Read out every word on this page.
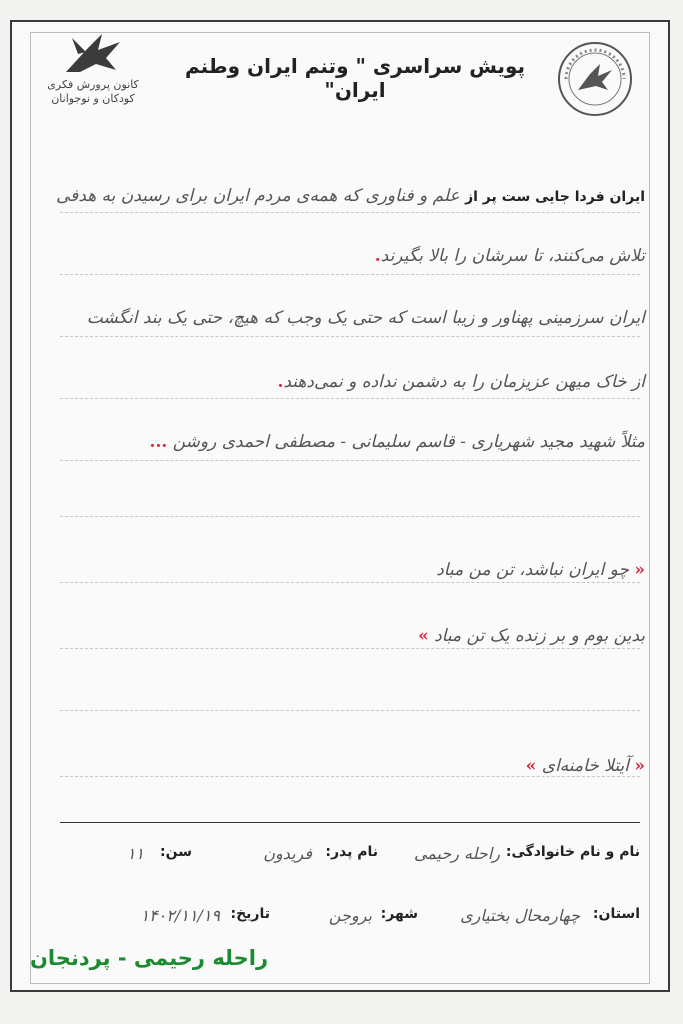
کانون پرورش فکری
کودکان و نوجوانان
پویش سراسری " وتنم ایران وطنم ایران"
ایران فردا جایی ست پر از علم و فناوری که همه‌ی مردم ایران برای رسیدن به هدفی
تلاش می‌کنند، تا سرشان را بالا بگیرند.
ایران سرزمینی پهناور و زیبا است که حتی یک وجب که هیچ، حتی یک بند انگشت
از خاک میهن عزیزمان را به دشمن نداده و نمی‌دهند.
مثلاً شهید مجید شهریاری - قاسم سلیمانی - مصطفی احمدی روشن ...
« چو ایران نباشد، تن من مباد
بدین بوم و بر زنده یک تن مباد »
« آیتلا خامنه‌ای »
نام و نام خانوادگی:
راحله رحیمی
نام پدر:
فریدون
سن:
۱۱
استان:
چهارمحال بختیاری
شهر:
بروجن
تاریخ:
۱۴۰۲/۱۱/۱۹
راحله رحیمی - پردنجان
